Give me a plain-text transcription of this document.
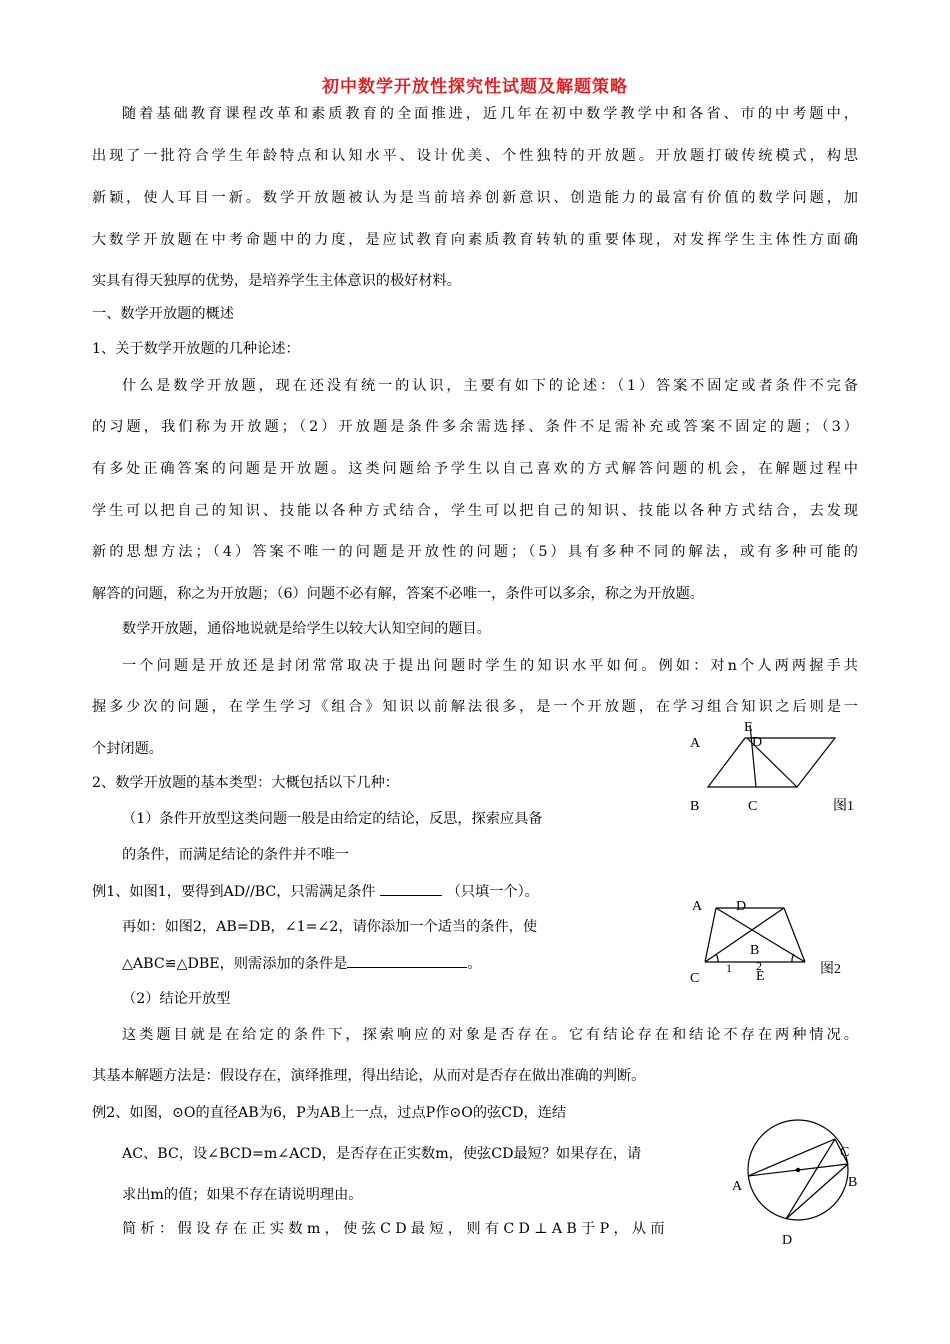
初中数学开放性探究性试题及解题策略
随着基础教育课程改革和素质教育的全面推进，近几年在初中数学教学中和各省、市的中考题中，
出现了一批符合学生年龄特点和认知水平、设计优美、个性独特的开放题。开放题打破传统模式，构思
新颖，使人耳目一新。数学开放题被认为是当前培养创新意识、创造能力的最富有价值的数学问题，加
大数学开放题在中考命题中的力度，是应试教育向素质教育转轨的重要体现，对发挥学生主体性方面确
实具有得天独厚的优势，是培养学生主体意识的极好材料。
一、数学开放题的概述
1、关于数学开放题的几种论述：
什么是数学开放题，现在还没有统一的认识，主要有如下的论述：（1）答案不固定或者条件不完备
的习题，我们称为开放题；（2）开放题是条件多余需选择、条件不足需补充或答案不固定的题；（3）
有多处正确答案的问题是开放题。这类问题给予学生以自己喜欢的方式解答问题的机会，在解题过程中
学生可以把自己的知识、技能以各种方式结合，学生可以把自己的知识、技能以各种方式结合，去发现
新的思想方法；（4）答案不唯一的问题是开放性的问题；（5）具有多种不同的解法，或有多种可能的
解答的问题，称之为开放题；（6）问题不必有解，答案不必唯一，条件可以多余，称之为开放题。
数学开放题，通俗地说就是给学生以较大认知空间的题目。
一个问题是开放还是封闭常常取决于提出问题时学生的知识水平如何。例如：对n个人两两握手共
握多少次的问题，在学生学习《组合》知识以前解法很多，是一个开放题，在学习组合知识之后则是一
个封闭题。
2、数学开放题的基本类型：大概包括以下几种：
（1）条件开放型这类问题一般是由给定的结论，反思，探索应具备
的条件，而满足结论的条件并不唯一
例1、如图1，要得到AD//BC，只需满足条件	（只填一个）。
再如：如图2，AB=DB，∠1=∠2，请你添加一个适当的条件，使
△ABC≌△DBE，则需添加的条件是	。
（2）结论开放型
这类题目就是在给定的条件下，探索响应的对象是否存在。它有结论存在和结论不存在两种情况。
其基本解题方法是：假设存在，演绎推理，得出结论，从而对是否存在做出准确的判断。
例2、如图，⊙O的直径AB为6，P为AB上一点，过点P作⊙O的弦CD，连结
AC、BC，设∠BCD=m∠ACD，是否存在正实数m，使弦CD最短？如果存在，请
求出m的值；如果不存在请说明理由。
简析：假设存在正实数m，使弦CD最短，则有CD⊥AB于P，从而
A
E
D
B	C	图1
A D
B
C	E
1 2	图2
A	B
C
D
